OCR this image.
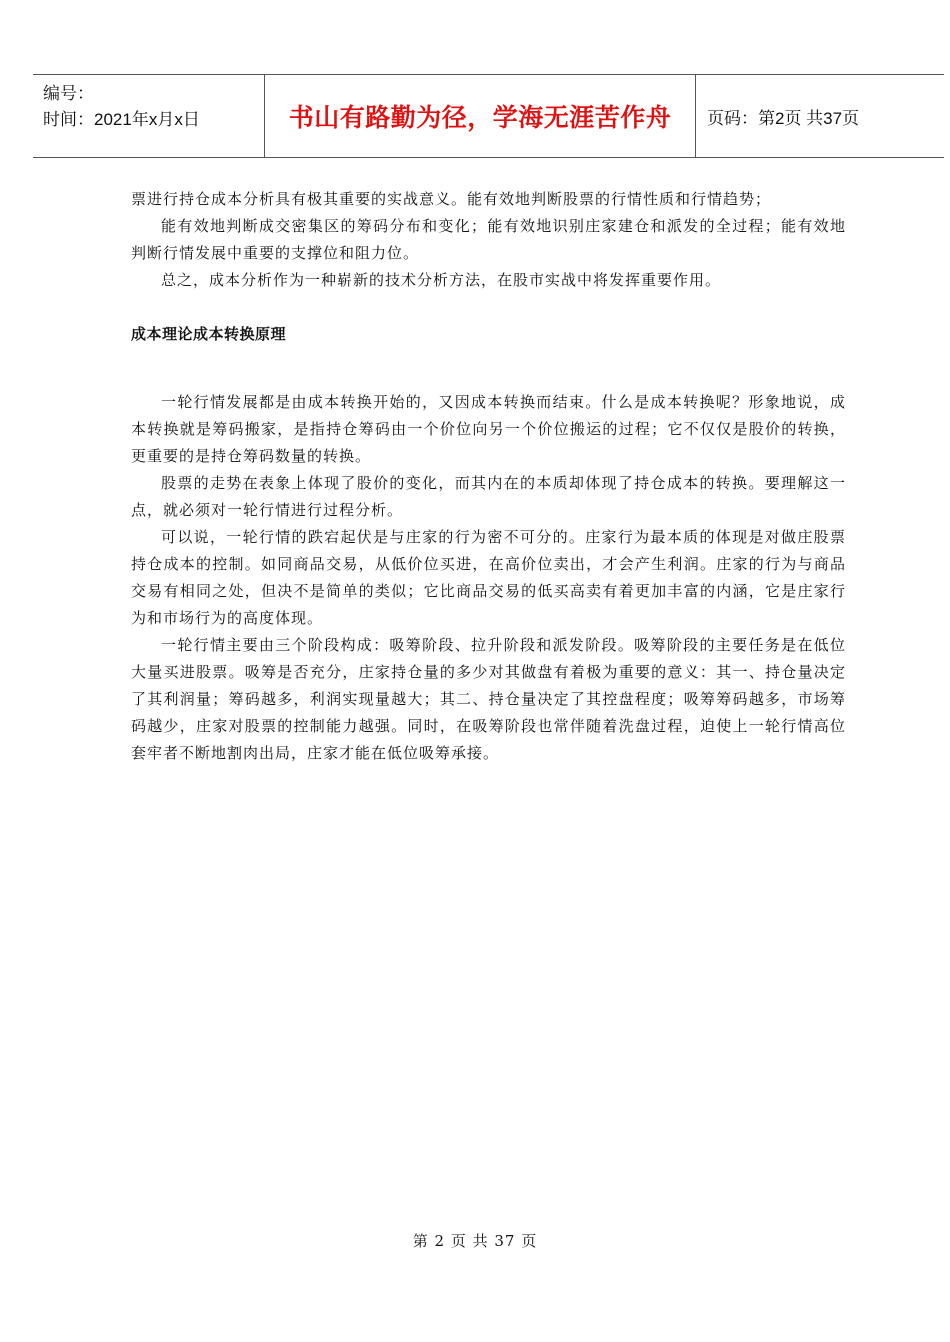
编号：
时间：2021年x月x日	书山有路勤为径，学海无涯苦作舟	页码：第2页 共37页

票进行持仓成本分析具有极其重要的实战意义。能有效地判断股票的行情性质和行情趋势；

能有效地判断成交密集区的筹码分布和变化；能有效地识别庄家建仓和派发的全过程；能有效地判断行情发展中重要的支撑位和阻力位。

总之，成本分析作为一种崭新的技术分析方法，在股市实战中将发挥重要作用。

成本理论成本转换原理

一轮行情发展都是由成本转换开始的，又因成本转换而结束。什么是成本转换呢？形象地说，成本转换就是筹码搬家，是指持仓筹码由一个价位向另一个价位搬运的过程；它不仅仅是股价的转换，更重要的是持仓筹码数量的转换。

股票的走势在表象上体现了股价的变化，而其内在的本质却体现了持仓成本的转换。要理解这一点，就必须对一轮行情进行过程分析。

可以说，一轮行情的跌宕起伏是与庄家的行为密不可分的。庄家行为最本质的体现是对做庄股票持仓成本的控制。如同商品交易，从低价位买进，在高价位卖出，才会产生利润。庄家的行为与商品交易有相同之处，但决不是简单的类似；它比商品交易的低买高卖有着更加丰富的内涵，它是庄家行为和市场行为的高度体现。

一轮行情主要由三个阶段构成：吸筹阶段、拉升阶段和派发阶段。吸筹阶段的主要任务是在低位大量买进股票。吸筹是否充分，庄家持仓量的多少对其做盘有着极为重要的意义：其一、持仓量决定了其利润量；筹码越多，利润实现量越大；其二、持仓量决定了其控盘程度；吸筹筹码越多，市场筹码越少，庄家对股票的控制能力越强。同时，在吸筹阶段也常伴随着洗盘过程，迫使上一轮行情高位套牢者不断地割肉出局，庄家才能在低位吸筹承接。

第 2 页 共 37 页
